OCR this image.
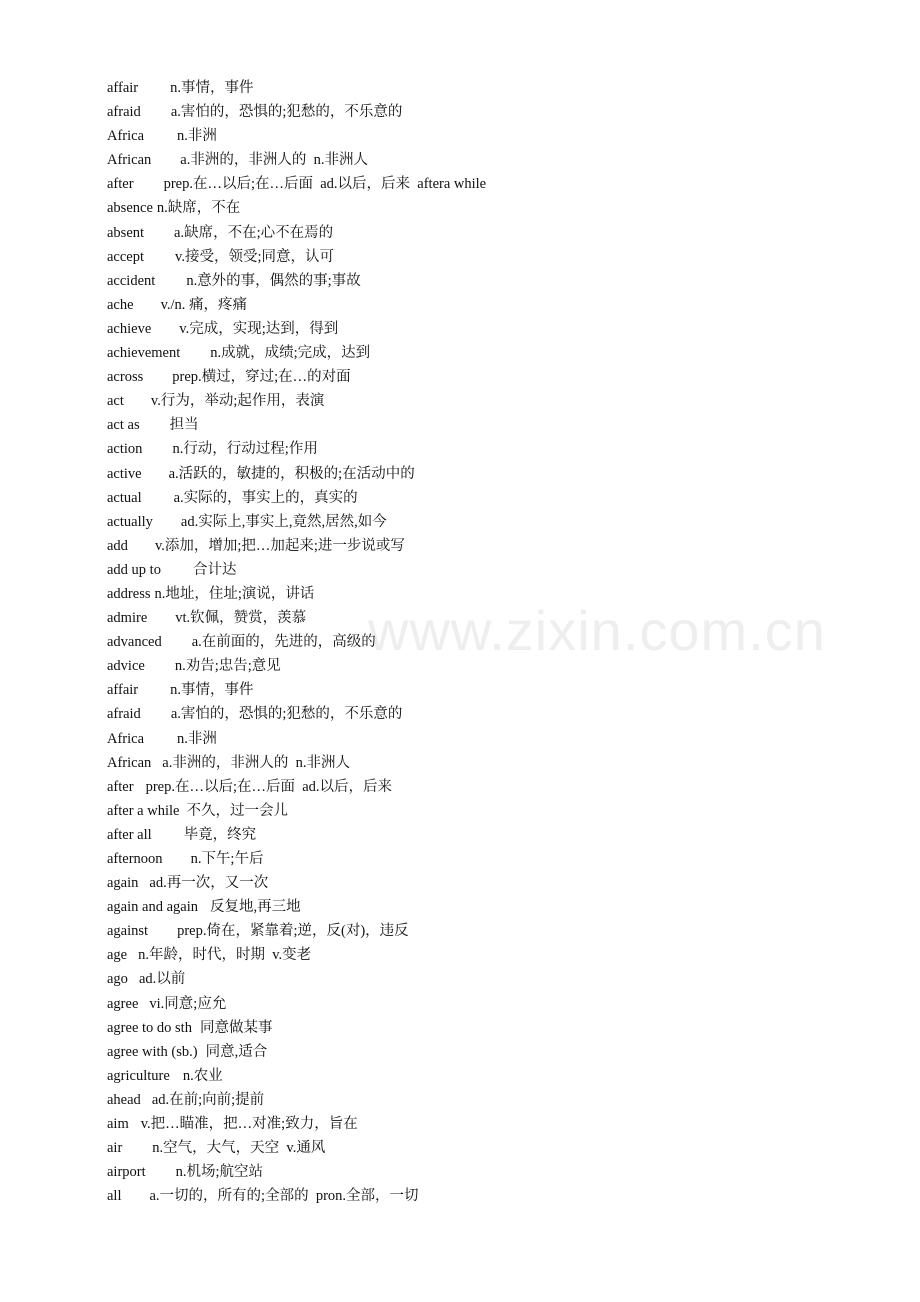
affair n.事情，事件
afraid a.害怕的，恐惧的;犯愁的，不乐意的
Africa n.非洲
African a.非洲的，非洲人的  n.非洲人
after prep.在…以后;在…后面  ad.以后，后来  aftera while
absence n.缺席，不在
absent a.缺席，不在;心不在焉的
accept v.接受，领受;同意，认可
accident n.意外的事，偶然的事;事故
ache v./n. 痛，疼痛
achieve v.完成，实现;达到，得到
achievement n.成就，成绩;完成，达到
across prep.横过，穿过;在…的对面
act v.行为，举动;起作用，表演
act as 担当
action n.行动，行动过程;作用
active a.活跃的，敏捷的，积极的;在活动中的
actual a.实际的，事实上的，真实的
actually ad.实际上,事实上,竟然,居然,如今
add v.添加，增加;把…加起来;进一步说或写
add up to 合计达
address n.地址，住址;演说，讲话
admire vt.钦佩，赞赏，羡慕
advanced a.在前面的，先进的，高级的
advice n.劝告;忠告;意见
affair n.事情，事件
afraid a.害怕的，恐惧的;犯愁的，不乐意的
Africa n.非洲
African a.非洲的，非洲人的  n.非洲人
after prep.在…以后;在…后面  ad.以后，后来
after a while 不久，过一会儿
after all 毕竟，终究
afternoon n.下午;午后
again ad.再一次，又一次
again and again 反复地,再三地
against prep.倚在，紧靠着;逆，反(对)，违反
age n.年龄，时代，时期  v.变老
ago ad.以前
agree vi.同意;应允
agree to do sth 同意做某事
agree with (sb.) 同意,适合
agriculture n.农业
ahead ad.在前;向前;提前
aim v.把…瞄准，把…对准;致力，旨在
air n.空气，大气，天空  v.通风
airport n.机场;航空站
all a.一切的，所有的;全部的  pron.全部，一切
www.zixin.com.cn
